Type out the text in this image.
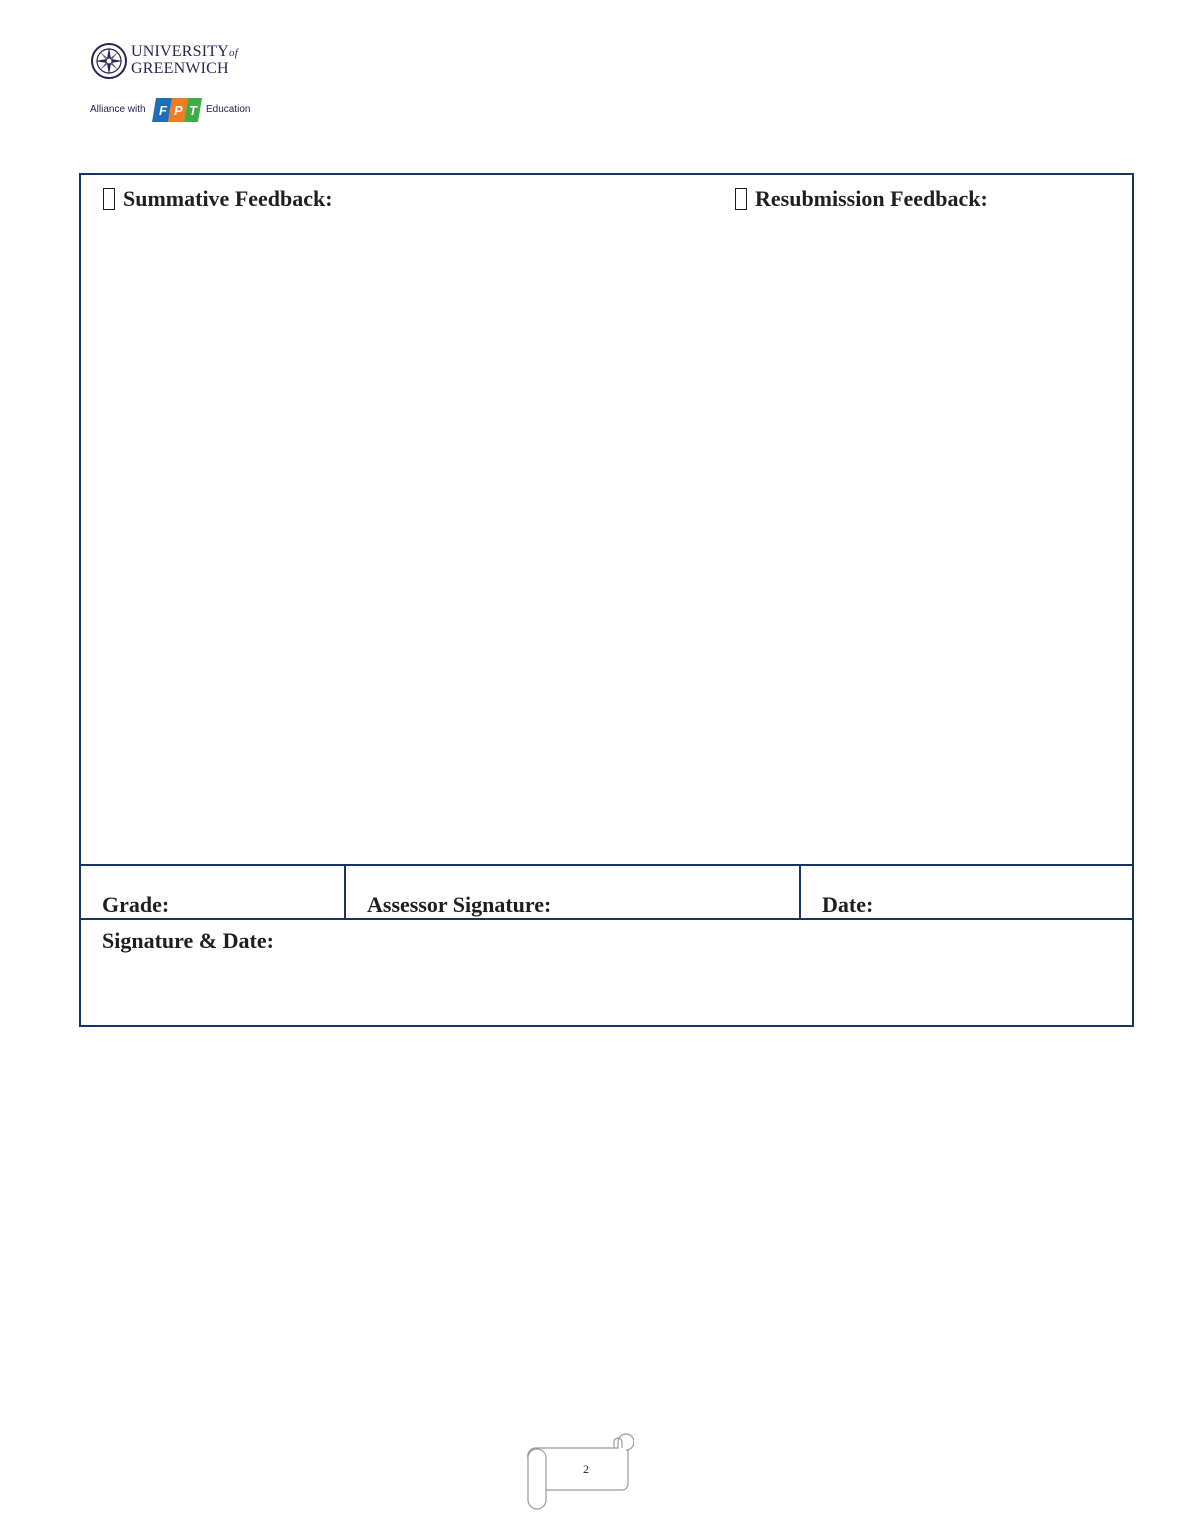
UNIVERSITYof
GREENWICH
Alliance with F P T Education
Summative Feedback:	Resubmission Feedback:
Grade:	Assessor Signature:	Date:
Signature & Date:
2
